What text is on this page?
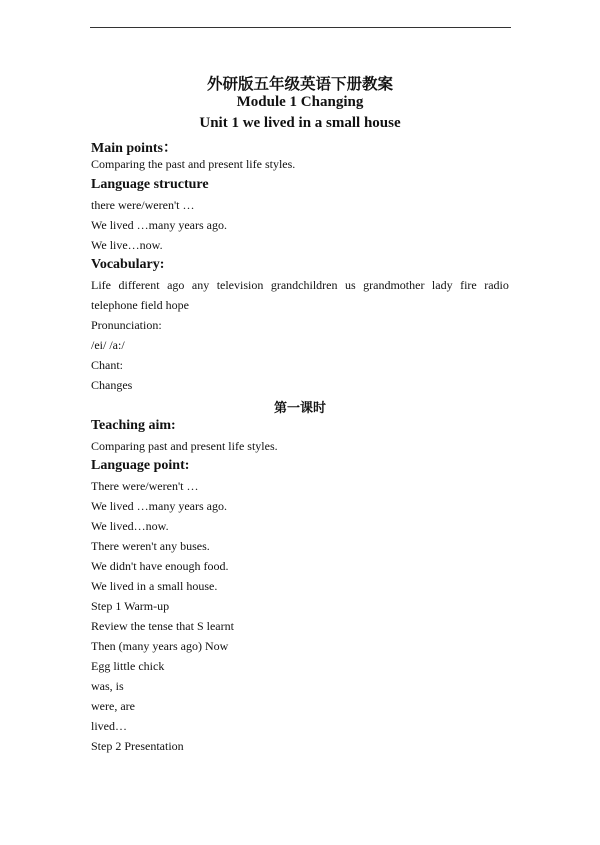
外研版五年级英语下册教案
Module 1 Changing
Unit 1 we lived in a small house
Main points：
Comparing the past and present life styles.
Language structure
there were/weren't …
We lived …many years ago.
We live…now.
Vocabulary:
Life different ago any television grandchildren us grandmother lady fire radio
telephone field hope
Pronunciation:
/ei/ /a:/
Chant:
Changes
第一课时
Teaching aim:
Comparing past and present life styles.
Language point:
There were/weren't …
We lived …many years ago.
We lived…now.
There weren't any buses.
We didn't have enough food.
We lived in a small house.
Step 1 Warm-up
Review the tense that S learnt
Then (many years ago) Now
Egg little chick
was, is
were, are
lived…
Step 2 Presentation
